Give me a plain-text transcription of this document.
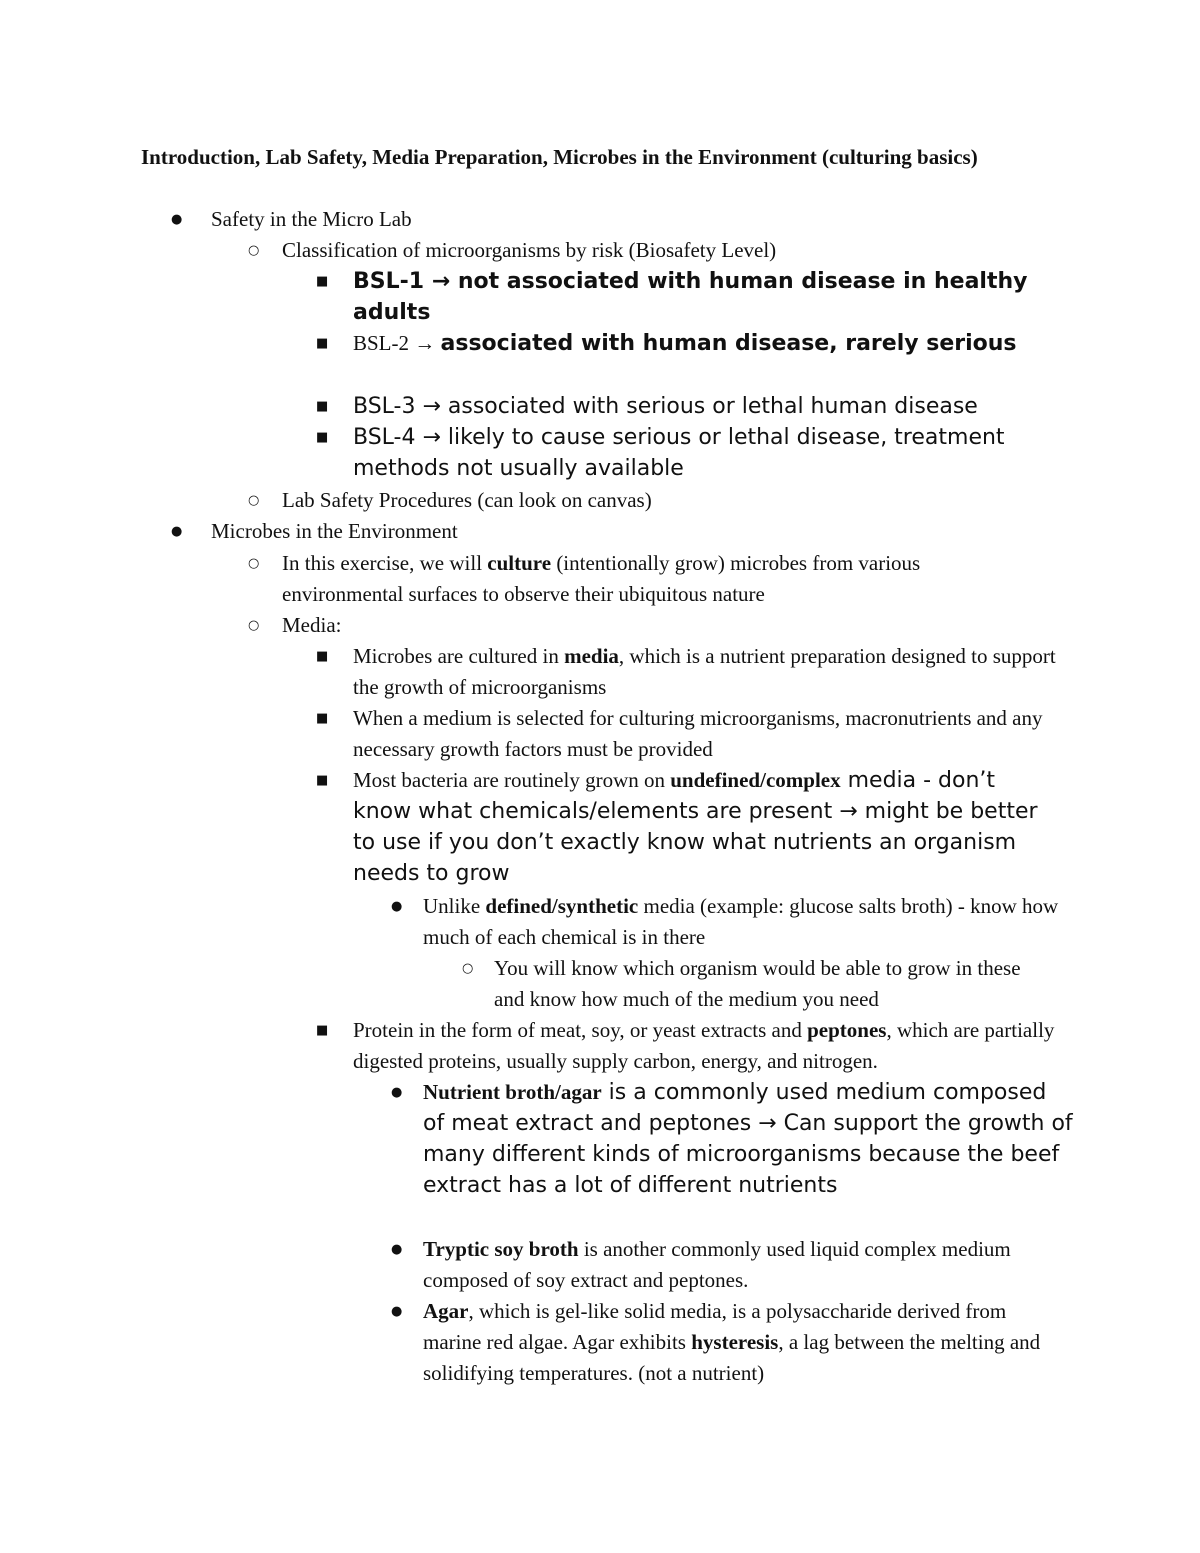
Introduction, Lab Safety, Media Preparation, Microbes in the Environment (culturing basics)
● Safety in the Micro Lab
○ Classification of microorganisms by risk (Biosafety Level)
■ BSL-1 → not associated with human disease in healthy adults
■ BSL-2 → associated with human disease, rarely serious
■ BSL-3 → associated with serious or lethal human disease
■ BSL-4 → likely to cause serious or lethal disease, treatment methods not usually available
○ Lab Safety Procedures (can look on canvas)
● Microbes in the Environment
○ In this exercise, we will culture (intentionally grow) microbes from various environmental surfaces to observe their ubiquitous nature
○ Media:
■ Microbes are cultured in media, which is a nutrient preparation designed to support the growth of microorganisms
■ When a medium is selected for culturing microorganisms, macronutrients and any necessary growth factors must be provided
■ Most bacteria are routinely grown on undefined/complex media - don’t know what chemicals/elements are present → might be better to use if you don’t exactly know what nutrients an organism needs to grow
● Unlike defined/synthetic media (example: glucose salts broth) - know how much of each chemical is in there
○ You will know which organism would be able to grow in these and know how much of the medium you need
■ Protein in the form of meat, soy, or yeast extracts and peptones, which are partially digested proteins, usually supply carbon, energy, and nitrogen.
● Nutrient broth/agar is a commonly used medium composed of meat extract and peptones → Can support the growth of many different kinds of microorganisms because the beef extract has a lot of different nutrients
● Tryptic soy broth is another commonly used liquid complex medium composed of soy extract and peptones.
● Agar, which is gel-like solid media, is a polysaccharide derived from marine red algae. Agar exhibits hysteresis, a lag between the melting and solidifying temperatures. (not a nutrient)
